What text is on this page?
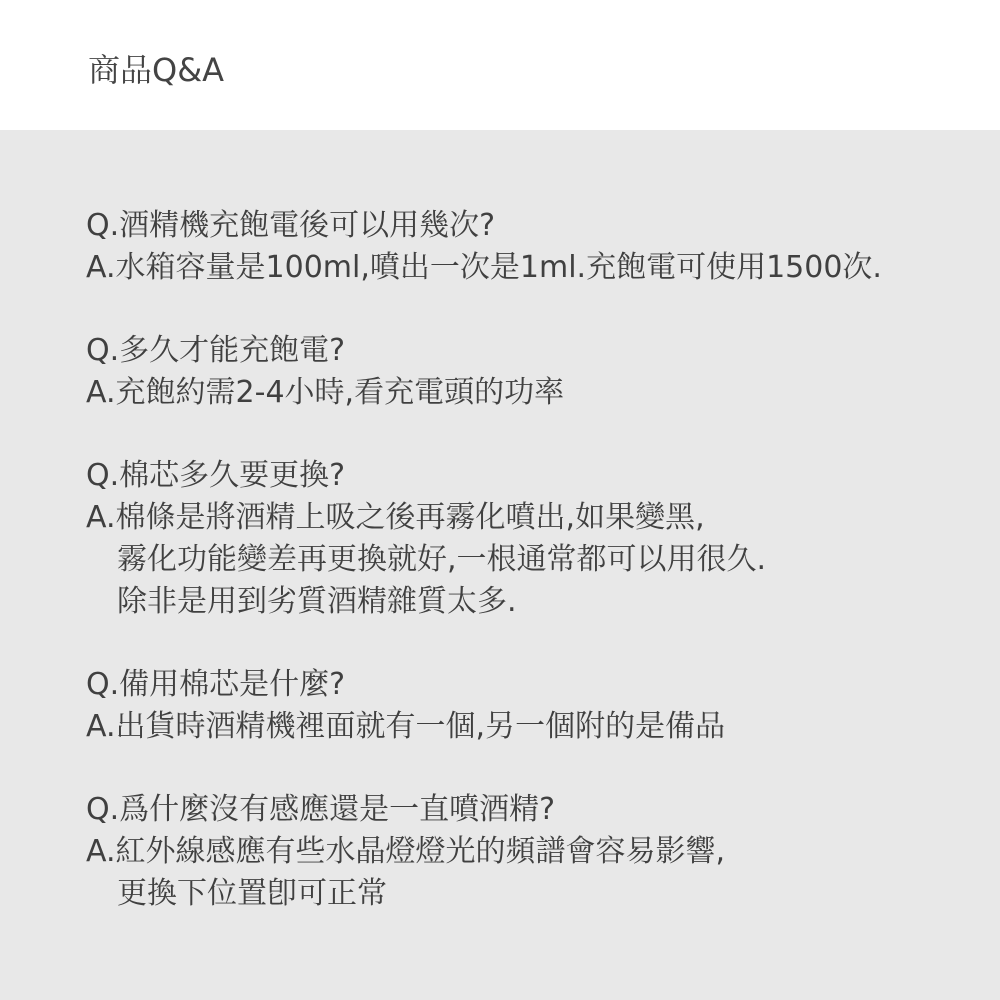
商品Q&A
Q.酒精機充飽電後可以用幾次?
A.水箱容量是100ml,噴出一次是1ml.充飽電可使用1500次.
Q.多久才能充飽電?
A.充飽約需2-4小時,看充電頭的功率
Q.棉芯多久要更換?
A.棉條是將酒精上吸之後再霧化噴出,如果變黑,
霧化功能變差再更換就好,一根通常都可以用很久.
除非是用到劣質酒精雜質太多.
Q.備用棉芯是什麼?
A.出貨時酒精機裡面就有一個,另一個附的是備品
Q.爲什麼沒有感應還是一直噴酒精?
A.紅外線感應有些水晶燈燈光的頻譜會容易影響,
更換下位置卽可正常
